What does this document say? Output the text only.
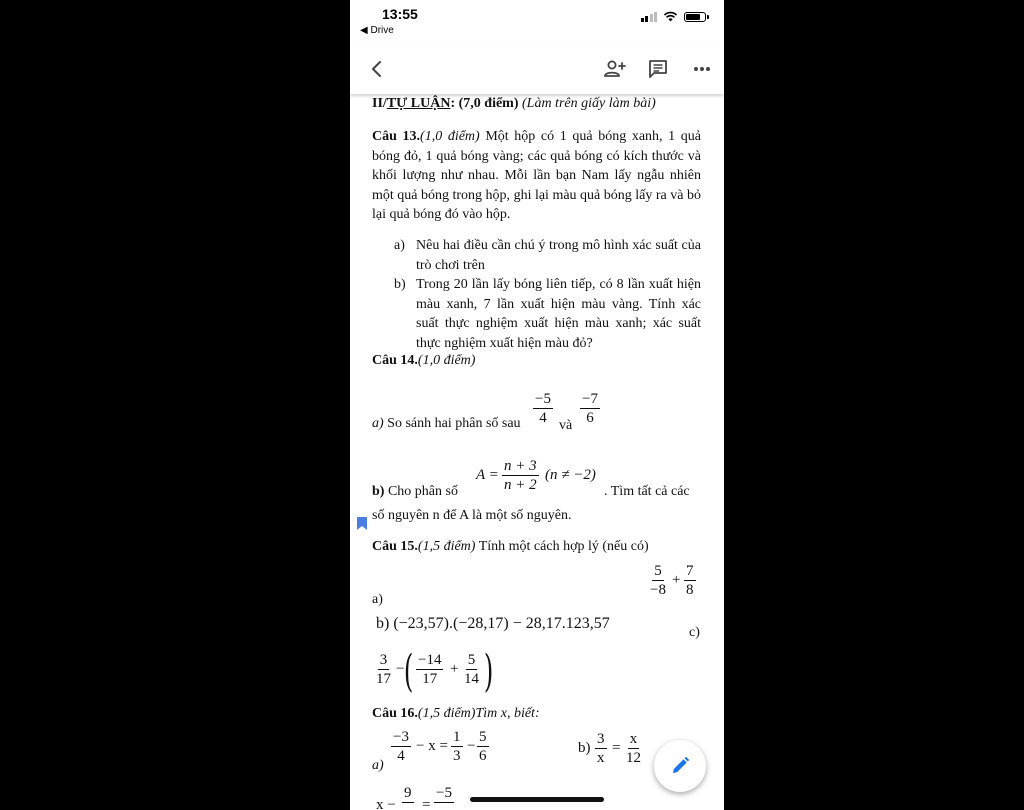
13:55
◀ Drive
II/TỰ LUẬN: (7,0 điểm) (Làm trên giấy làm bài)

Câu 13.(1,0 điểm) Một hộp có 1 quả bóng xanh, 1 quả bóng đỏ, 1 quả bóng vàng; các quả bóng có kích thước và khối lượng như nhau. Mỗi lần bạn Nam lấy ngẫu nhiên một quả bóng trong hộp, ghi lại màu quả bóng lấy ra và bỏ lại quả bóng đó vào hộp.

a) Nêu hai điều cần chú ý trong mô hình xác suất của trò chơi trên

b) Trong 20 lần lấy bóng liên tiếp, có 8 lần xuất hiện màu xanh, 7 lần xuất hiện màu vàng. Tính xác suất thực nghiệm xuất hiện màu xanh; xác suất thực nghiệm xuất hiện màu đỏ?

Câu 14.(1,0 điểm)
a) So sánh hai phân số sau $\frac{-5}{4}$ và $\frac{-7}{6}$
$A = \frac{n + 3}{n + 2} (n \ne -2)$
b) Cho phân số	. Tìm tất cả các
số nguyên n để A là một số nguyên.
Câu 15.(1,5 điểm) Tính một cách hợp lý (nếu có)
$\frac{5}{-8} + \frac{7}{8}$
a)
b) (−23,57).(−28,17) − 28,17.123,57
c)
$\frac{3}{17}$ − ( $\frac{-14}{17} + \frac{5}{14}$ )
Câu 16.(1,5 điểm)Tìm x, biết:
$\frac{-3}{4} - x = \frac{1}{3} - \frac{5}{6}$
a)
$b) \frac{3}{x} = \frac{x}{12}$
x −
9
=
−5
